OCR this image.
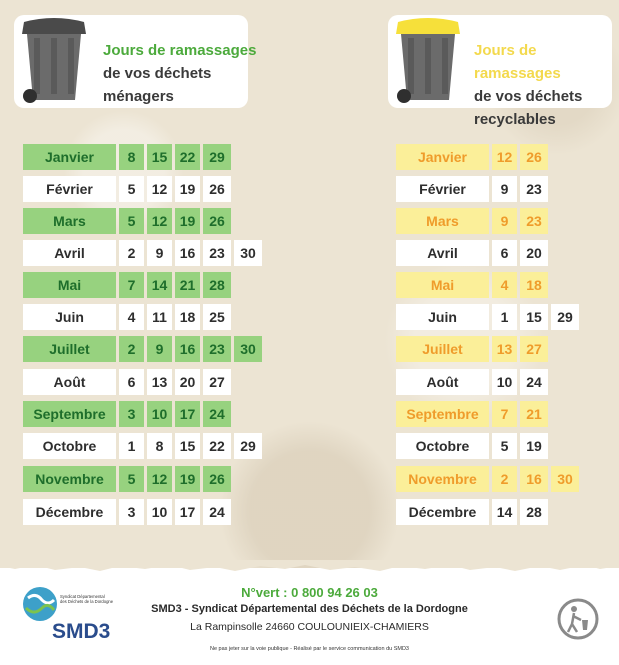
Jours de ramassages
de vos déchets
ménagers
Jours de ramassages
de vos déchets
recyclables
Janvier	8	15 22 29
Février	5	12 19 26
Mars	5	12 19 26
Avril	2	9	16 23	30
Mai	7	14 21 28
Juin	4	11 18 25
Juillet	2	9	16 23	30
Août	6	13 20 27
Septembre	3	10 17 24
Octobre	1	8	15 22	29
Novembre	5	12 19 26
Décembre	3	10 17 24
Janvier	12 26
Février	9	23
Mars	9	23
Avril	6	20
Mai	4	18
Juin	1	15	29
Juillet	13 27
Août	10 24
Septembre	7	21
Octobre	5	19
Novembre	2	16	30
Décembre	14 28
Syndicat Départemental
des Déchets de la Dordogne
SMD3
N°vert : 0 800 94 26 03
SMD3 - Syndicat Départemental des Déchets de la Dordogne
La Rampinsolle 24660 COULOUNIEIX-CHAMIERS
Ne pas jeter sur la voie publique - Réalisé par le service communication du SMD3
